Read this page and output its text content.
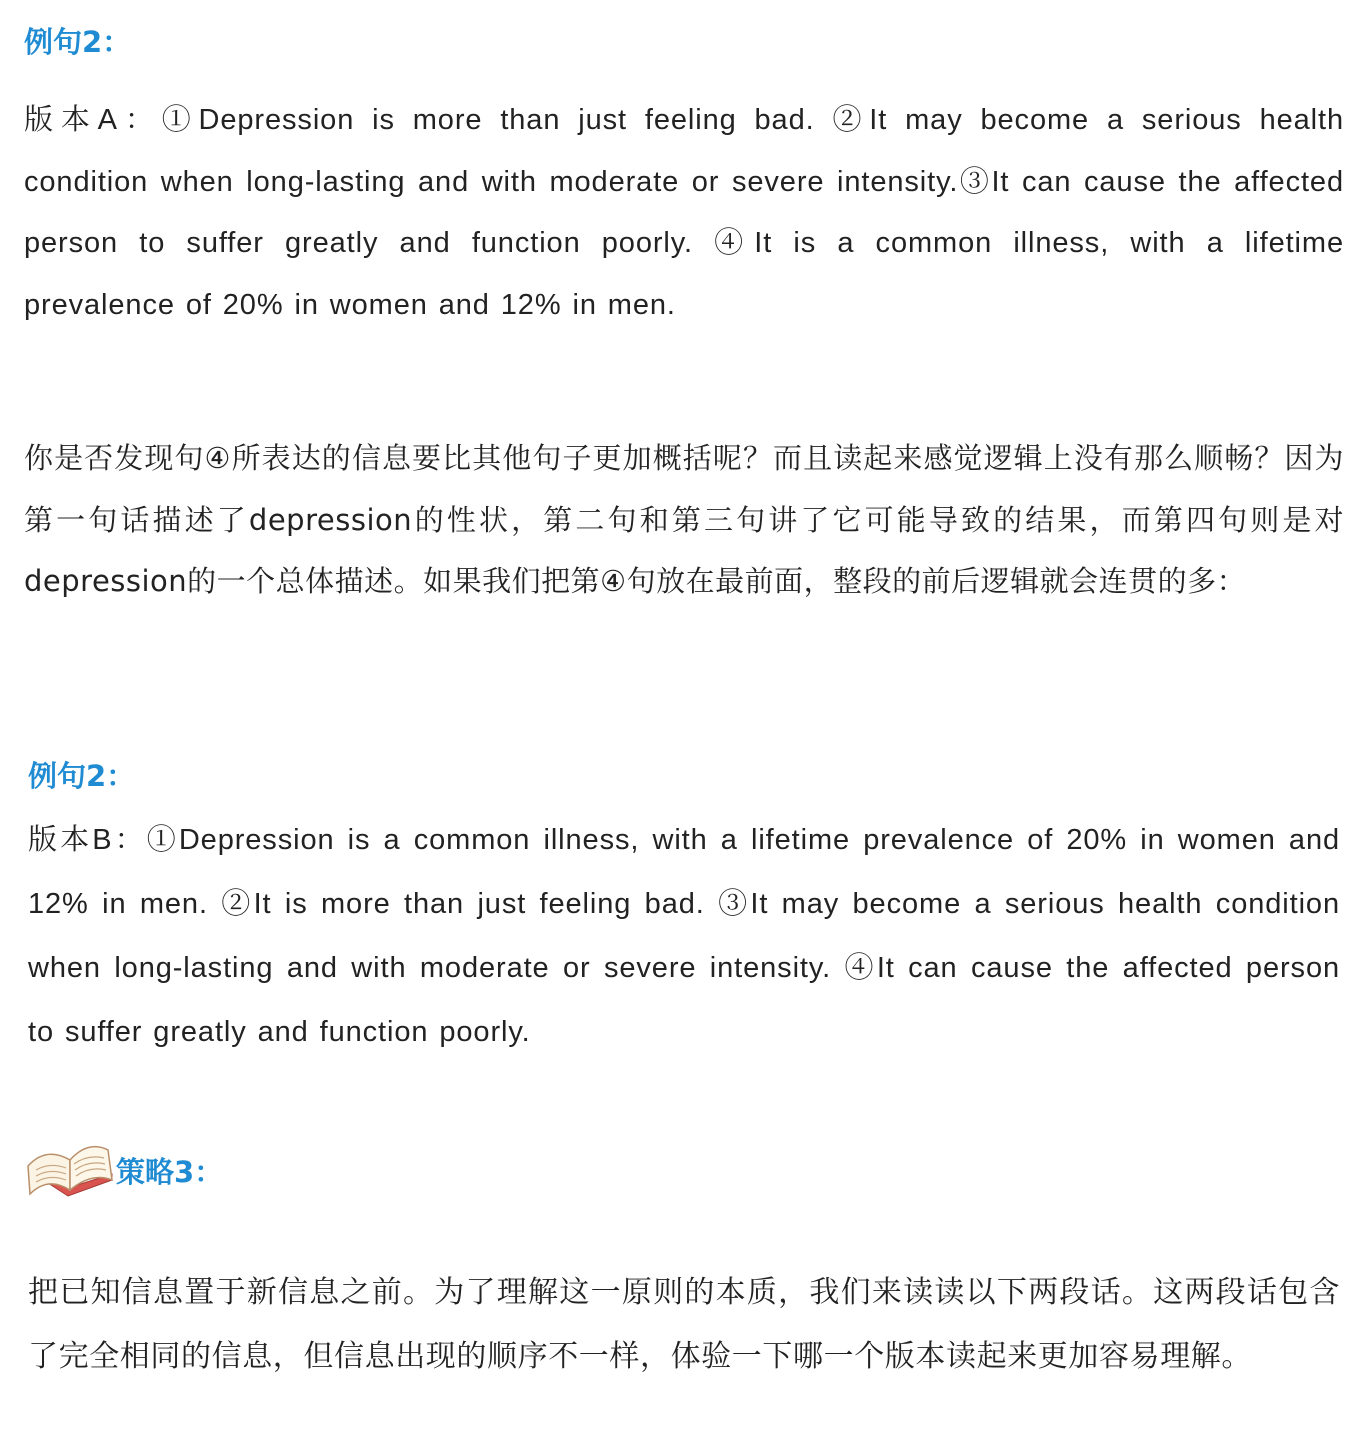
例句2：
版本A：①Depression is more than just feeling bad. ②It may become a serious health condition when long-lasting and with moderate or severe intensity.③It can cause the affected person to suffer greatly and function poorly. ④It is a common illness, with a lifetime prevalence of 20% in women and 12% in men.
你是否发现句④所表达的信息要比其他句子更加概括呢？而且读起来感觉逻辑上没有那么顺畅？因为第一句话描述了depression的性状，第二句和第三句讲了它可能导致的结果，而第四句则是对depression的一个总体描述。如果我们把第④句放在最前面，整段的前后逻辑就会连贯的多：
例句2：
版本B：①Depression is a common illness, with a lifetime prevalence of 20% in women and 12% in men. ②It is more than just feeling bad. ③It may become a serious health condition when long-lasting and with moderate or severe intensity. ④It can cause the affected person to suffer greatly and function poorly.
策略3：
把已知信息置于新信息之前。为了理解这一原则的本质，我们来读读以下两段话。这两段话包含了完全相同的信息，但信息出现的顺序不一样，体验一下哪一个版本读起来更加容易理解。
